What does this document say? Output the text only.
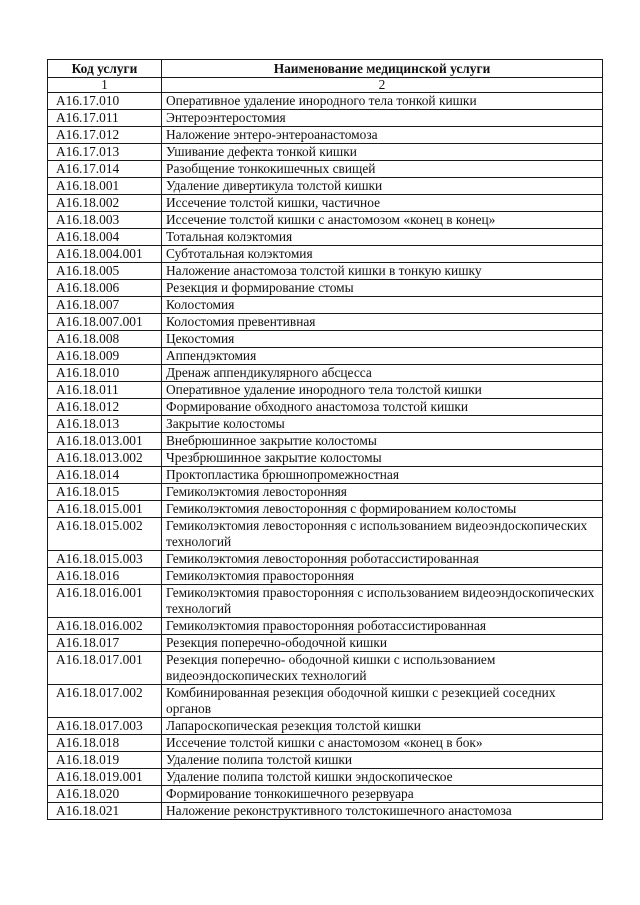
Код услуги	Наименование медицинской услуги
1	2
A16.17.010	Оперативное удаление инородного тела тонкой кишки
A16.17.011	Энтероэнтеростомия
A16.17.012	Наложение энтеро-энтероанастомоза
A16.17.013	Ушивание дефекта тонкой кишки
A16.17.014	Разобщение тонкокишечных свищей
A16.18.001	Удаление дивертикула толстой кишки
A16.18.002	Иссечение толстой кишки, частичное
A16.18.003	Иссечение толстой кишки с анастомозом «конец в конец»
A16.18.004	Тотальная колэктомия
A16.18.004.001	Субтотальная колэктомия
A16.18.005	Наложение анастомоза толстой кишки в тонкую кишку
A16.18.006	Резекция и формирование стомы
A16.18.007	Колостомия
A16.18.007.001	Колостомия превентивная
A16.18.008	Цекостомия
A16.18.009	Аппендэктомия
A16.18.010	Дренаж аппендикулярного абсцесса
A16.18.011	Оперативное удаление инородного тела толстой кишки
A16.18.012	Формирование обходного анастомоза толстой кишки
A16.18.013	Закрытие колостомы
A16.18.013.001	Внебрюшинное закрытие колостомы
A16.18.013.002	Чрезбрюшинное закрытие колостомы
A16.18.014	Проктопластика брюшнопромежностная
A16.18.015	Гемиколэктомия левосторонняя
A16.18.015.001	Гемиколэктомия левосторонняя с формированием колостомы
A16.18.015.002	Гемиколэктомия левосторонняя с использованием видеоэндоскопических технологий
A16.18.015.003	Гемиколэктомия левосторонняя роботассистированная
A16.18.016	Гемиколэктомия правосторонняя
A16.18.016.001	Гемиколэктомия правосторонняя с использованием видеоэндоскопических технологий
A16.18.016.002	Гемиколэктомия правосторонняя роботассистированная
A16.18.017	Резекция поперечно-ободочной кишки
A16.18.017.001	Резекция поперечно- ободочной кишки с использованием видеоэндоскопических технологий
A16.18.017.002	Комбинированная резекция ободочной кишки с резекцией соседних органов
A16.18.017.003	Лапароскопическая резекция толстой кишки
A16.18.018	Иссечение толстой кишки с анастомозом «конец в бок»
A16.18.019	Удаление полипа толстой кишки
A16.18.019.001	Удаление полипа толстой кишки эндоскопическое
A16.18.020	Формирование тонкокишечного резервуара
A16.18.021	Наложение реконструктивного толстокишечного анастомоза
